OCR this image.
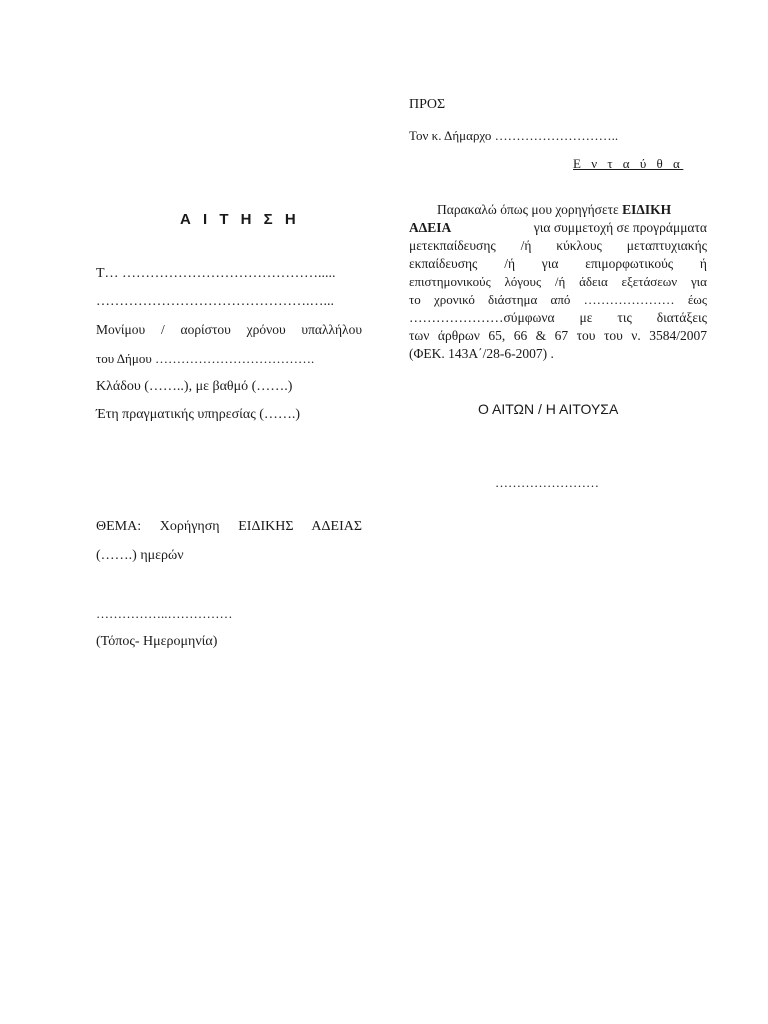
ΠΡΟΣ
Τον κ. Δήμαρχο ………………………..
Ε ν τ α ύ θ α
Α Ι Τ Η Σ Η
Παρακαλώ όπως μου χορηγήσετε ΕΙΔΙΚΗ
ΑΔΕΙΑ	για συμμετοχή σε προγράμματα
μετεκπαίδευσης /ή κύκλους μεταπτυχιακής
εκπαίδευσης /ή για επιμορφωτικούς ή
επιστημονικούς λόγους /ή άδεια εξετάσεων για
το χρονικό διάστημα από ………………… έως
…………………σύμφωνα με τις διατάξεις
των άρθρων 65, 66 & 67 του του ν. 3584/2007
(ΦΕΚ. 143Α΄/28-6-2007) .
Τ… …………………………………….....
……………………………………….…...
Μονίμου / αορίστου χρόνου υπαλλήλου
του Δήμου ……………………………….
Κλάδου (……..), με βαθμό (…….)
Έτη πραγματικής υπηρεσίας (…….)	Ο ΑΙΤΩΝ / Η ΑΙΤΟΥΣΑ
……………………
ΘΕΜΑ: Χορήγηση ΕΙΔΙΚΗΣ ΑΔΕΙΑΣ
(…….) ημερών
……………..……………
(Τόπος- Ημερομηνία)
